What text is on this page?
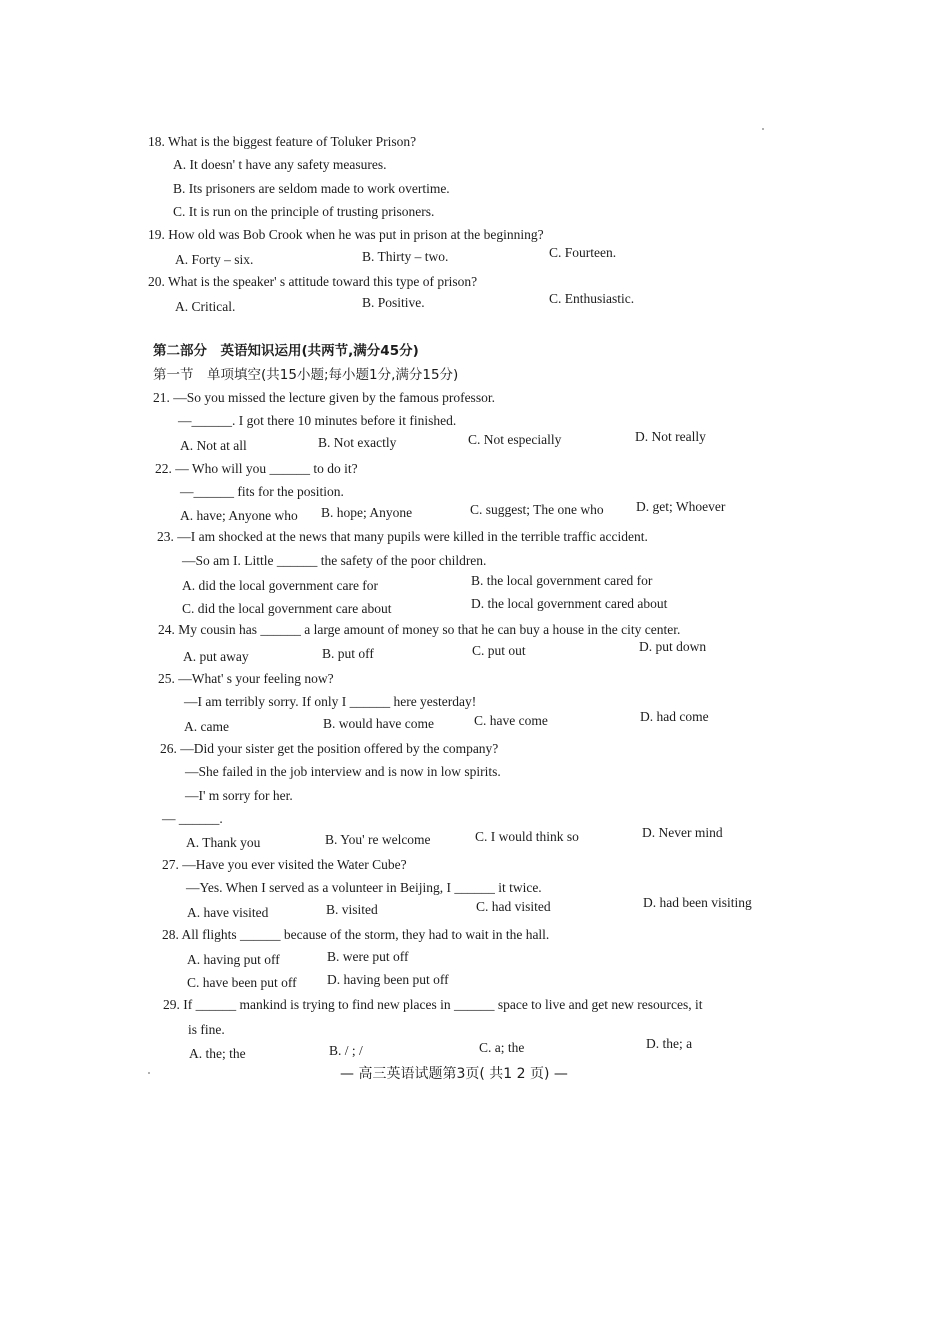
18. What is the biggest feature of Toluker Prison?
A. It doesn' t have any safety measures.
B. Its prisoners are seldom made to work overtime.
C. It is run on the principle of trusting prisoners.
19. How old was Bob Crook when he was put in prison at the beginning?
A. Forty – six.	B. Thirty – two.	C. Fourteen.
20. What is the speaker' s attitude toward this type of prison?
A. Critical.	B. Positive.	C. Enthusiastic.
第二部分　英语知识运用(共两节,满分45分)
第一节　单项填空(共15小题;每小题1分,满分15分)
21. —So you missed the lecture given by the famous professor.
—______. I got there 10 minutes before it finished.
A. Not at all	B. Not exactly	C. Not especially	D. Not really
22. — Who will you ______ to do it?
—______ fits for the position.
A. have; Anyone who B. hope; Anyone	C. suggest; The one who D. get; Whoever
23. —I am shocked at the news that many pupils were killed in the terrible traffic accident.
—So am I. Little ______ the safety of the poor children.
A. did the local government care for	B. the local government cared for
C. did the local government care about	D. the local government cared about
24. My cousin has ______ a large amount of money so that he can buy a house in the city center.
A. put away	B. put off	C. put out	D. put down
25. —What' s your feeling now?
—I am terribly sorry. If only I ______ here yesterday!
A. came	B. would have come	C. have come	D. had come
26. —Did your sister get the position offered by the company?
—She failed in the job interview and is now in low spirits.
—I' m sorry for her.
— ______.
A. Thank you	B. You' re welcome	C. I would think so	D. Never mind
27. —Have you ever visited the Water Cube?
—Yes. When I served as a volunteer in Beijing, I ______ it twice.
A. have visited	B. visited	C. had visited	D. had been visiting
28. All flights ______ because of the storm, they had to wait in the hall.
A. having put off	B. were put off
C. have been put off D. having been put off
29. If ______ mankind is trying to find new places in ______ space to live and get new resources, it
is fine.
A. the; the	B. / ; /	C. a; the	D. the; a
— 高三英语试题第3页( 共1 2 页) —
